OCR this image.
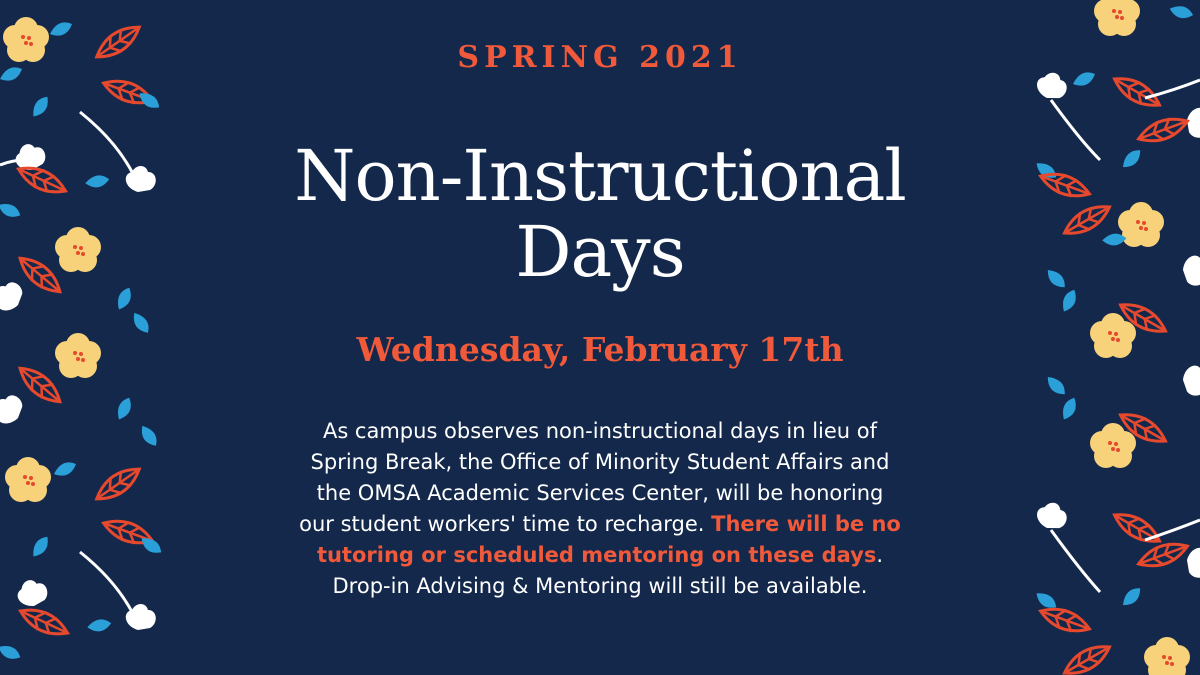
SPRING 2021
Non-Instructional
Days
Wednesday, February 17th
As campus observes non-instructional days in lieu of
Spring Break, the Office of Minority Student Affairs and
the OMSA Academic Services Center, will be honoring
our student workers' time to recharge. There will be no
tutoring or scheduled mentoring on these days.
Drop-in Advising & Mentoring will still be available.
